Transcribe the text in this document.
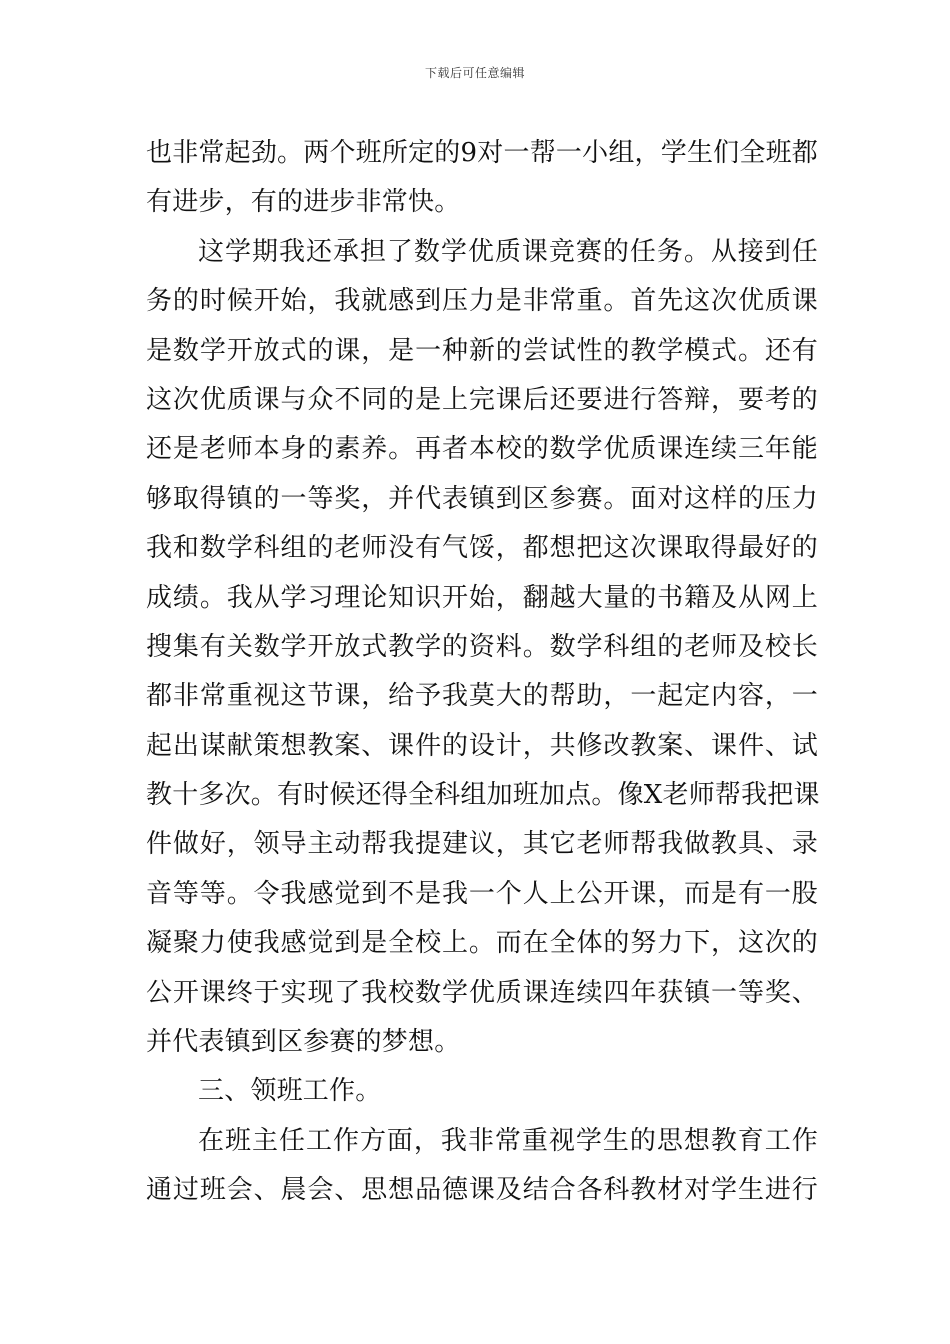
下载后可任意编辑
也非常起劲。两个班所定的9对一帮一小组，学生们全班都
有进步，有的进步非常快。
这学期我还承担了数学优质课竞赛的任务。从接到任
务的时候开始，我就感到压力是非常重。首先这次优质课
是数学开放式的课，是一种新的尝试性的教学模式。还有
这次优质课与众不同的是上完课后还要进行答辩，要考的
还是老师本身的素养。再者本校的数学优质课连续三年能
够取得镇的一等奖，并代表镇到区参赛。面对这样的压力
我和数学科组的老师没有气馁，都想把这次课取得最好的
成绩。我从学习理论知识开始，翻越大量的书籍及从网上
搜集有关数学开放式教学的资料。数学科组的老师及校长
都非常重视这节课，给予我莫大的帮助，一起定内容，一
起出谋献策想教案、课件的设计，共修改教案、课件、试
教十多次。有时候还得全科组加班加点。像X老师帮我把课
件做好，领导主动帮我提建议，其它老师帮我做教具、录
音等等。令我感觉到不是我一个人上公开课，而是有一股
凝聚力使我感觉到是全校上。而在全体的努力下，这次的
公开课终于实现了我校数学优质课连续四年获镇一等奖、
并代表镇到区参赛的梦想。
三、领班工作。
在班主任工作方面，我非常重视学生的思想教育工作
通过班会、晨会、思想品德课及结合各科教材对学生进行
